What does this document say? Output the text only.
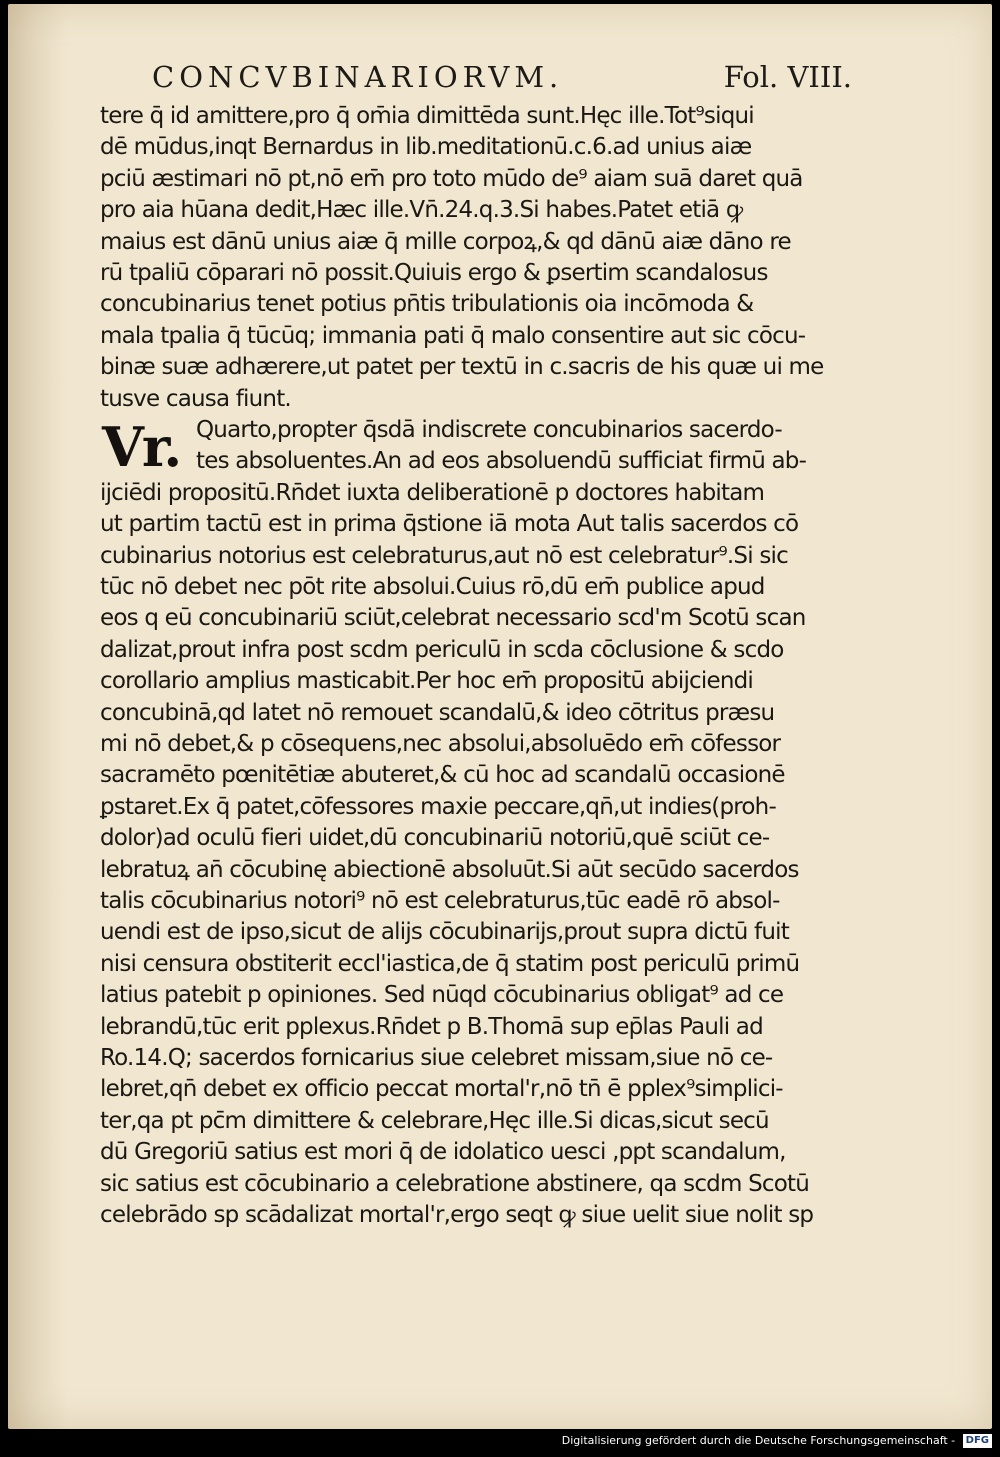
CONCVBINARIORVM.	Fol. VIII.
Vr.
tere q̄ id amittere,pro q̄ om̄ia dimittēda sunt.Hęc ille.Tot⁹siqui
dē mūdus,inqt Bernardus in lib.meditationū.c.6.ad unius aiæ
pciū æstimari nō pt,nō em̄ pro toto mūdo de⁹ aiam suā daret quā
pro aia hūana dedit,Hæc ille.Vn̄.24.q.3.Si habes.Patet etiā ꝙ
maius est dānū unius aiæ q̄ mille corpoꝝ,& qd dānū aiæ dāno re
rū tpaliū cōparari nō possit.Quiuis ergo & ꝑsertim scandalosus
concubinarius tenet potius pn̄tis tribulationis oia incōmoda &
mala tpalia q̄ tūcūq; immania pati q̄ malo consentire aut sic cōcu-
binæ suæ adhærere,ut patet per textū in c.sacris de his quæ ui me
tusve causa fiunt.
Quarto,propter q̄sdā indiscrete concubinarios sacerdo-
tes absoluentes.An ad eos absoluendū sufficiat firmū ab-
ijciēdi propositū.Rn̄det iuxta deliberationē p doctores habitam
ut partim tactū est in prima q̄stione iā mota Aut talis sacerdos cō
cubinarius notorius est celebraturus,aut nō est celebratur⁹.Si sic
tūc nō debet nec pōt rite absolui.Cuius rō,dū em̄ publice apud
eos q eū concubinariū sciūt,celebrat necessario scd'm Scotū scan
dalizat,prout infra post scdm periculū in scda cōclusione & scdo
corollario amplius masticabit.Per hoc em̄ propositū abijciendi
concubinā,qd latet nō remouet scandalū,& ideo cōtritus præsu
mi nō debet,& p cōsequens,nec absolui,absoluēdo em̄ cōfessor
sacramēto pœnitētiæ abuteret,& cū hoc ad scandalū occasionē
ꝑstaret.Ex q̄ patet,cōfessores maxie peccare,qn̄,ut indies(proh-
dolor)ad oculū fieri uidet,dū concubinariū notoriū,quē sciūt ce-
lebratuꝝ an̄ cōcubinę abiectionē absoluūt.Si aūt secūdo sacerdos
talis cōcubinarius notori⁹ nō est celebraturus,tūc eadē rō absol-
uendi est de ipso,sicut de alijs cōcubinarijs,prout supra dictū fuit
nisi censura obstiterit eccl'iastica,de q̄ statim post periculū primū
latius patebit p opiniones. Sed nūqd cōcubinarius obligat⁹ ad ce
lebrandū,tūc erit pplexus.Rn̄det p B.Thomā sup ep̄las Pauli ad
Ro.14.Q; sacerdos fornicarius siue celebret missam,siue nō ce-
lebret,qn̄ debet ex officio peccat mortal'r,nō tn̄ ē pplex⁹simplici-
ter,qa pt pc̄m dimittere & celebrare,Hęc ille.Si dicas,sicut secū
dū Gregoriū satius est mori q̄ de idolatico uesci ,ppt scandalum,
sic satius est cōcubinario a celebratione abstinere, qa scdm Scotū
celebrādo sp scādalizat mortal'r,ergo seqt ꝙ siue uelit siue nolit sp
Digitalisierung gefördert durch die Deutsche Forschungsgemeinschaft - DFG
